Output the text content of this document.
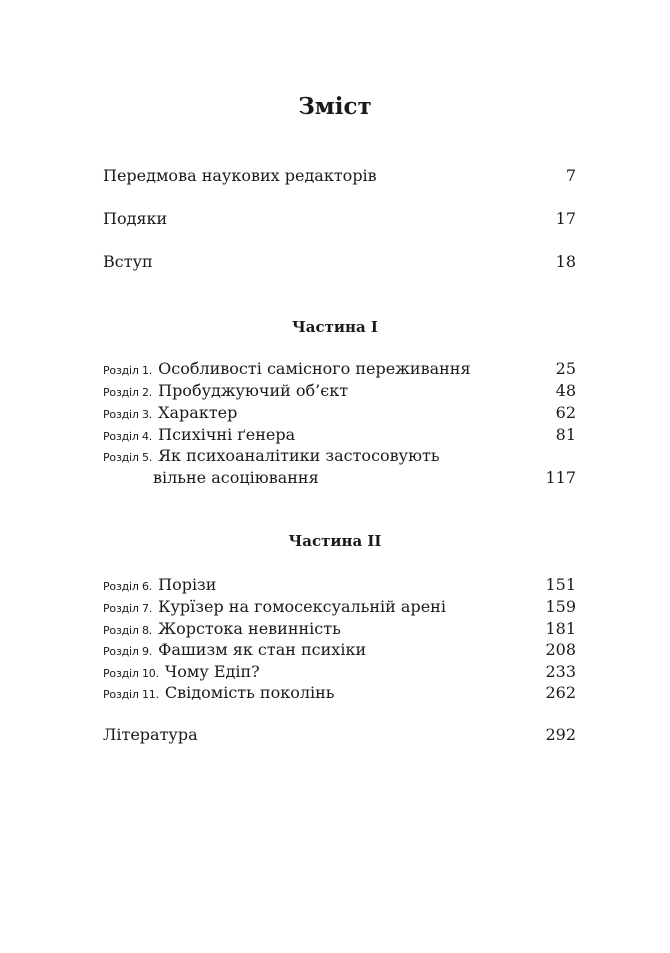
Зміст
Передмова наукових редакторів	7
Подяки	17
Вступ	18
Частина I
Розділ 1. Особливості самісного переживання	25
Розділ 2. Пробуджуючий об’єкт	48
Розділ 3. Характер	62
Розділ 4. Психічні ґенера	81
Розділ 5. Як психоаналітики застосовують
вільне асоціювання	117
Частина II
Розділ 6. Порізи	151
Розділ 7. Курїзер на гомосексуальній арені	159
Розділ 8. Жорстока невинність	181
Розділ 9. Фашизм як стан психіки	208
Розділ 10. Чому Едіп?	233
Розділ 11. Свідомість поколінь	262
Література	292
